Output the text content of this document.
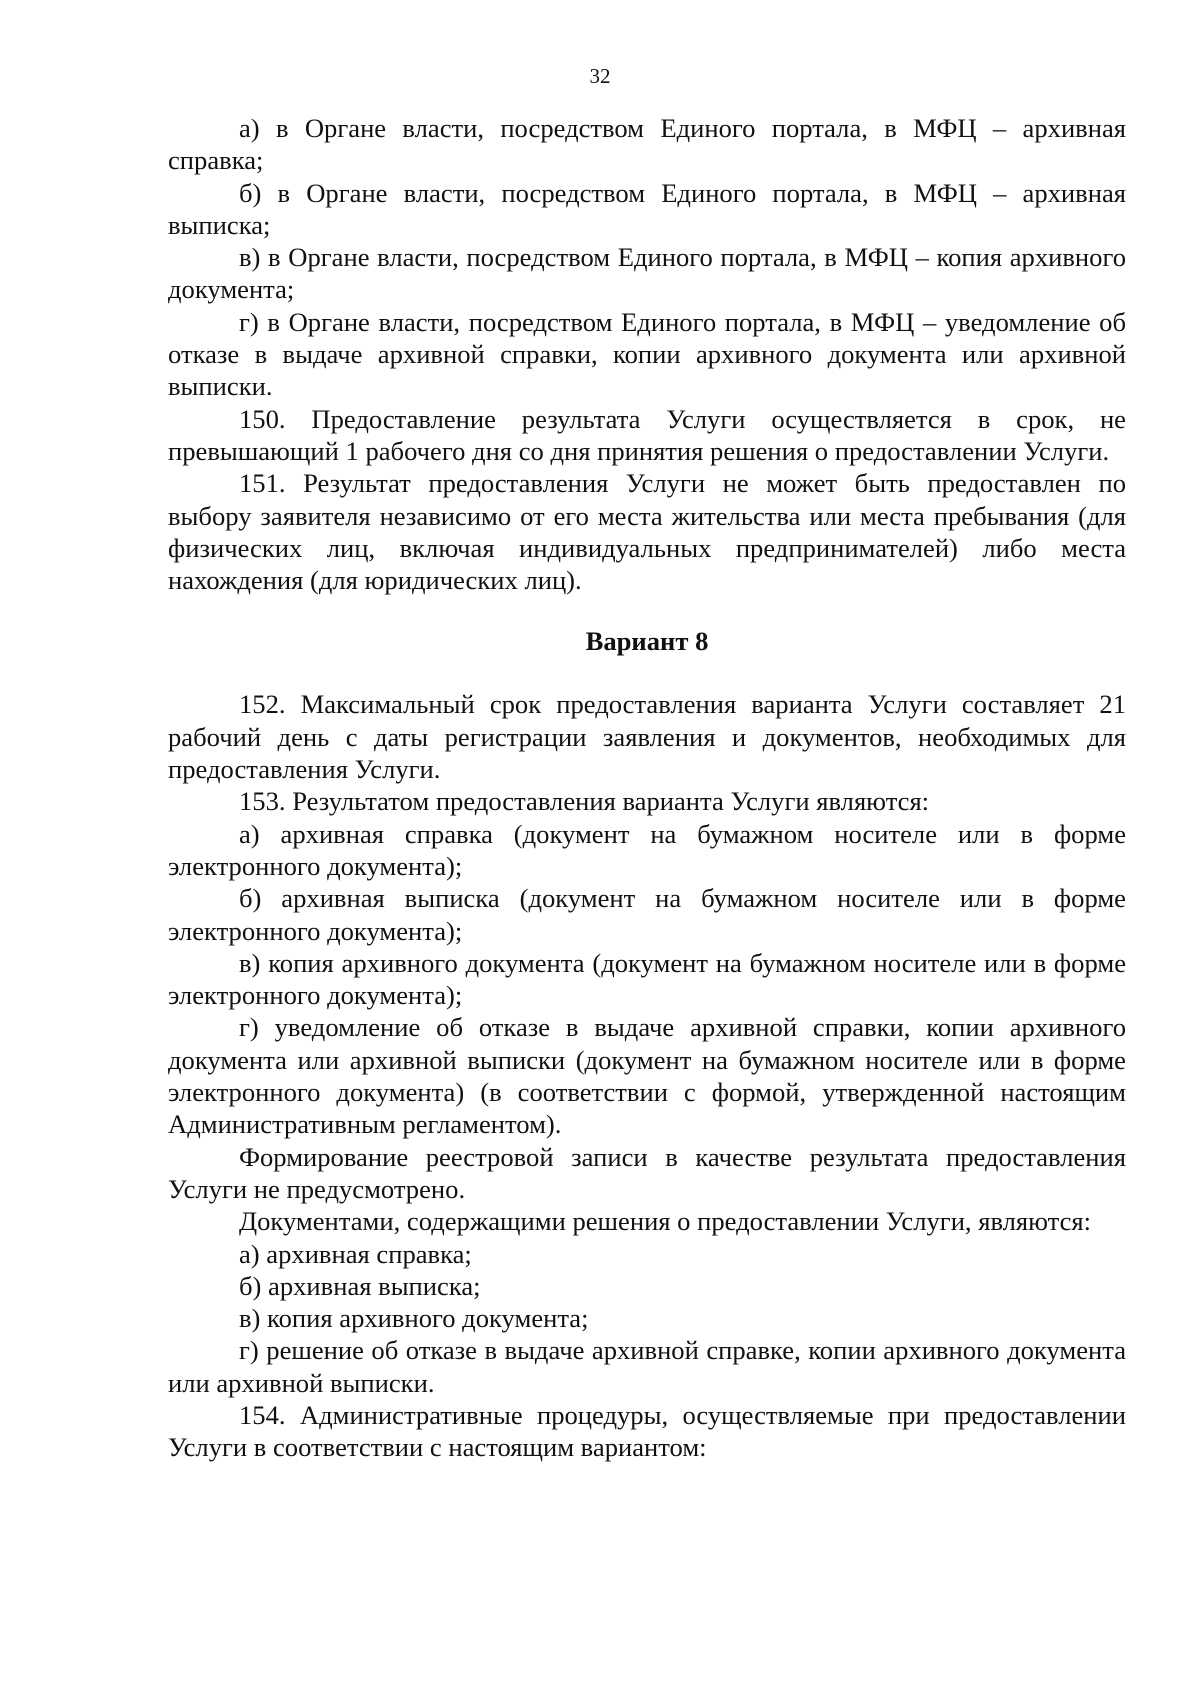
32

а) в Органе власти, посредством Единого портала, в МФЦ – архивная справка;

б) в Органе власти, посредством Единого портала, в МФЦ – архивная выписка;

в) в Органе власти, посредством Единого портала, в МФЦ – копия архивного документа;

г) в Органе власти, посредством Единого портала, в МФЦ – уведомление об отказе в выдаче архивной справки, копии архивного документа или архивной выписки.

150. Предоставление результата Услуги осуществляется в срок, не превышающий 1 рабочего дня со дня принятия решения о предоставлении Услуги.

151. Результат предоставления Услуги не может быть предоставлен по выбору заявителя независимо от его места жительства или места пребывания (для физических лиц, включая индивидуальных предпринимателей) либо места нахождения (для юридических лиц).

Вариант 8

152. Максимальный срок предоставления варианта Услуги составляет 21 рабочий день с даты регистрации заявления и документов, необходимых для предоставления Услуги.

153. Результатом предоставления варианта Услуги являются:

а) архивная справка (документ на бумажном носителе или в форме электронного документа);

б) архивная выписка (документ на бумажном носителе или в форме электронного документа);

в) копия архивного документа (документ на бумажном носителе или в форме электронного документа);

г) уведомление об отказе в выдаче архивной справки, копии архивного документа или архивной выписки (документ на бумажном носителе или в форме электронного документа) (в соответствии с формой, утвержденной настоящим Административным регламентом).

Формирование реестровой записи в качестве результата предоставления Услуги не предусмотрено.

Документами, содержащими решения о предоставлении Услуги, являются:

а) архивная справка;

б) архивная выписка;

в) копия архивного документа;

г) решение об отказе в выдаче архивной справке, копии архивного документа или архивной выписки.

154. Административные процедуры, осуществляемые при предоставлении Услуги в соответствии с настоящим вариантом:
